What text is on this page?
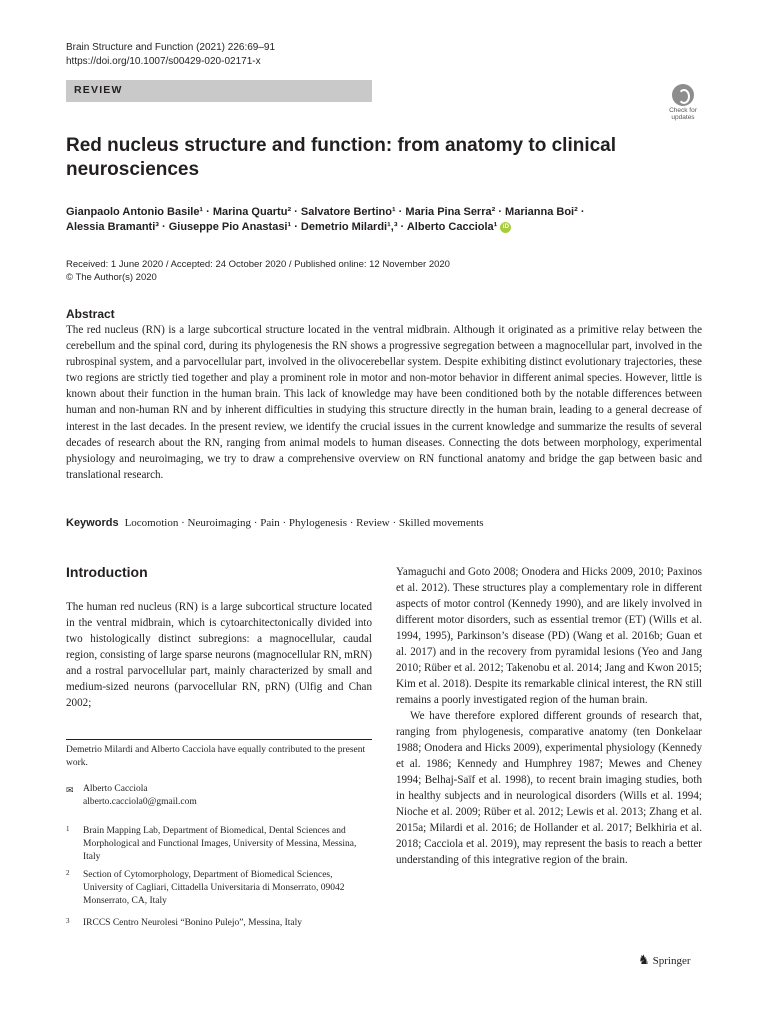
Brain Structure and Function (2021) 226:69–91
https://doi.org/10.1007/s00429-020-02171-x
REVIEW
Check for updates
Red nucleus structure and function: from anatomy to clinical neurosciences
Gianpaolo Antonio Basile¹ · Marina Quartu² · Salvatore Bertino¹ · Maria Pina Serra² · Marianna Boi² ·
Alessia Bramanti³ · Giuseppe Pio Anastasi¹ · Demetrio Milardi¹,³ · Alberto Cacciola¹ iD
Received: 1 June 2020 / Accepted: 24 October 2020 / Published online: 12 November 2020
© The Author(s) 2020
Abstract
The red nucleus (RN) is a large subcortical structure located in the ventral midbrain. Although it originated as a primitive relay between the cerebellum and the spinal cord, during its phylogenesis the RN shows a progressive segregation between a magnocellular part, involved in the rubrospinal system, and a parvocellular part, involved in the olivocerebellar system. Despite exhibiting distinct evolutionary trajectories, these two regions are strictly tied together and play a prominent role in motor and non-motor behavior in different animal species. However, little is known about their function in the human brain. This lack of knowledge may have been conditioned both by the notable differences between human and non-human RN and by inherent difficulties in studying this structure directly in the human brain, leading to a general decrease of interest in the last decades. In the present review, we identify the crucial issues in the current knowledge and summarize the results of several decades of research about the RN, ranging from animal models to human diseases. Connecting the dots between morphology, experimental physiology and neuroimaging, we try to draw a comprehensive overview on RN functional anatomy and bridge the gap between basic and translational research.
Keywords Locomotion · Neuroimaging · Pain · Phylogenesis · Review · Skilled movements
Introduction
The human red nucleus (RN) is a large subcortical structure located in the ventral midbrain, which is cytoarchitectonically divided into two histologically distinct subregions: a magnocellular, caudal region, consisting of large sparse neurons (magnocellular RN, mRN) and a rostral parvocellular part, mainly characterized by small and medium-sized neurons (parvocellular RN, pRN) (Ulfig and Chan 2002;
Demetrio Milardi and Alberto Cacciola have equally contributed to the present work.
✉ Alberto Cacciola
alberto.cacciola0@gmail.com
1 Brain Mapping Lab, Department of Biomedical, Dental Sciences and Morphological and Functional Images, University of Messina, Messina, Italy
2 Section of Cytomorphology, Department of Biomedical Sciences, University of Cagliari, Cittadella Universitaria di Monserrato, 09042 Monserrato, CA, Italy
3 IRCCS Centro Neurolesi “Bonino Pulejo”, Messina, Italy

Yamaguchi and Goto 2008; Onodera and Hicks 2009, 2010; Paxinos et al. 2012). These structures play a complementary role in different aspects of motor control (Kennedy 1990), and are likely involved in different motor disorders, such as essential tremor (ET) (Wills et al. 1994, 1995), Parkinson’s disease (PD) (Wang et al. 2016b; Guan et al. 2017) and in the recovery from pyramidal lesions (Yeo and Jang 2010; Rüber et al. 2012; Takenobu et al. 2014; Jang and Kwon 2015; Kim et al. 2018). Despite its remarkable clinical interest, the RN still remains a poorly investigated region of the human brain.

We have therefore explored different grounds of research that, ranging from phylogenesis, comparative anatomy (ten Donkelaar 1988; Onodera and Hicks 2009), experimental physiology (Kennedy et al. 1986; Kennedy and Humphrey 1987; Mewes and Cheney 1994; Belhaj-Saïf et al. 1998), to recent brain imaging studies, both in healthy subjects and in neurological disorders (Wills et al. 1994; Nioche et al. 2009; Rüber et al. 2012; Lewis et al. 2013; Zhang et al. 2015a; Milardi et al. 2016; de Hollander et al. 2017; Belkhiria et al. 2018; Cacciola et al. 2019), may represent the basis to reach a better understanding of this integrative region of the brain.

♞ Springer
